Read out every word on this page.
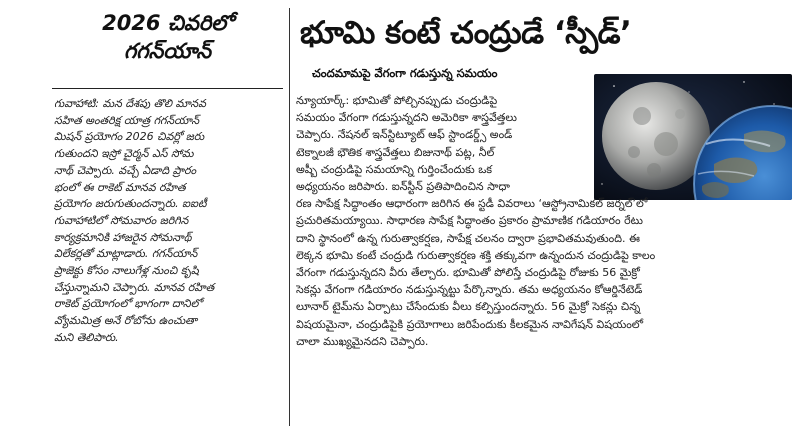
2026 చివరిలో
గగన్‌యాన్
గువాహాటి: మన దేశపు తొలి మానవ
సహిత అంతరిక్ష యాత్ర గగన్‌యాన్
మిషన్ ప్రయోగం 2026 చివర్లో జరు
గుతుందని ఇస్రో చైర్మన్ ఎస్ సోమ
నాథ్ చెప్పారు. వచ్చే ఏడాది ప్రారం
భంలో ఈ రాకెట్ మానవ రహిత
ప్రయోగం జరుగుతుందన్నారు. ఐఐటీ
గువాహాటిలో సోమవారం జరిగిన
కార్యక్రమానికి హాజరైన సోమనాథ్
విలేకర్లతో మాట్లాడారు. గగన్‌యాన్
ప్రాజెక్టు కోసం నాలుగేళ్ల నుంచి కృషి
చేస్తున్నామని చెప్పారు. మానవ రహిత
రాకెట్ ప్రయోగంలో భాగంగా దానిలో
వ్యోమమిత్ర అనే రోబోను ఉంచుతా
మని తెలిపారు.
భూమి కంటే చంద్రుడే ‘స్పీడ్’
చందమామపై వేగంగా గడుస్తున్న సమయం
న్యూయార్క్: భూమితో పోల్చినప్పుడు చంద్రుడిపై
సమయం వేగంగా గడుస్తున్నదని అమెరికా శాస్త్రవేత్తలు
చెప్పారు. నేషనల్ ఇన్‌స్టిట్యూట్ ఆఫ్ స్టాండర్డ్స్ అండ్
టెక్నాలజీ భౌతిక శాస్త్రవేత్తలు బిజునాథ్ పట్ల, నీల్
అష్బీ చంద్రుడిపై సమయాన్ని గుర్తించేందుకు ఒక
అధ్యయనం జరిపారు. ఐన్‌స్టీన్ ప్రతిపాదించిన సాధా
రణ సాపేక్ష సిద్ధాంతం ఆధారంగా జరిగిన ఈ స్టడీ వివరాలు ‘ఆస్ట్రోనామికల్ జర్నల్’లో
ప్రచురితమయ్యాయి. సాధారణ సాపేక్ష సిద్ధాంతం ప్రకారం ప్రామాణిక గడియారం రేటు
దాని స్థానంలో ఉన్న గురుత్వాకర్షణ, సాపేక్ష చలనం ద్వారా ప్రభావితమవుతుంది. ఈ
లెక్కన భూమి కంటే చంద్రుడి గురుత్వాకర్షణ శక్తి తక్కువగా ఉన్నందున చంద్రుడిపై కాలం
వేగంగా గడుస్తున్నదని వీరు తేల్చారు. భూమితో పోలిస్తే చంద్రుడిపై రోజుకు 56 మైక్రో
సెకన్లు వేగంగా గడియారం నడుస్తున్నట్టు పేర్కొన్నారు. తమ అధ్యయనం కోఆర్డినేటెడ్
లూనార్ టైమ్‌ను ఏర్పాటు చేసేందుకు వీలు కల్పిస్తుందన్నారు. 56 మైక్రో సెకన్లు చిన్న
విషయమైనా, చంద్రుడిపైకి ప్రయోగాలు జరిపేందుకు కీలకమైన నావిగేషన్ విషయంలో
చాలా ముఖ్యమైనదని చెప్పారు.
